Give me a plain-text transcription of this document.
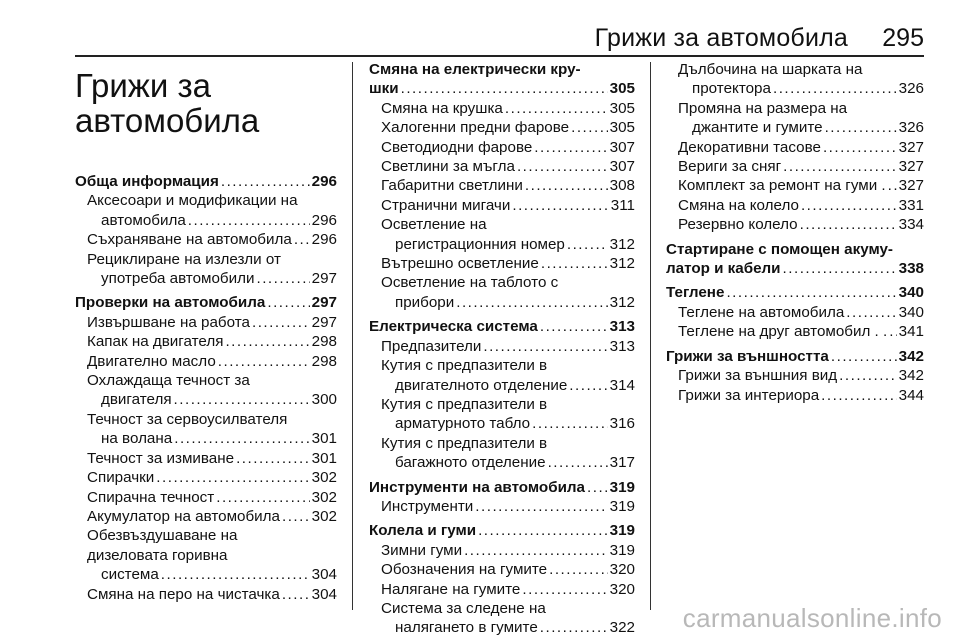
Грижи за автомобила 295
Грижи за
автомобила
Обща информация .....	296
Аксесоари и модификации на
автомобила .....	296
Съхраняване на автомобила ..... 296
Рециклиране на излезли от
употреба автомобили .....	297
Проверки на автомобила .....	297
Извършване на работа .....	297
Капак на двигателя .....	298
Двигателно масло .....	298
Охлаждаща течност за
двигателя .....	300
Течност за сервоусилвателя
на волана .....	301
Течност за измиване .....	301
Спирачки .....	302
Спирачна течност .....	302
Акумулатор на автомобила ..... 302
Обезвъздушаване на
дизеловата горивна
система .....	304
Смяна на перо на чистачка ..... 304
Смяна на електрически кру-
шки .....	305
Смяна на крушка .....	305
Халогенни предни фарове .....	305
Светодиодни фарове .....	307
Светлини за мъгла .....	307
Габаритни светлини .....	308
Странични мигачи .....	311
Осветление на
регистрационния номер .....	312
Вътрешно осветление .....	312
Осветление на таблото с
прибори .....	312
Електрическа система .....	313
Предпазители .....	313
Кутия с предпазители в
двигателното отделение .....	314
Кутия с предпазители в
арматурното табло .....	316
Кутия с предпазители в
багажното отделение .....	317
Инструменти на автомобила ..... 319
Инструменти .....	319
Колела и гуми .....	319
Зимни гуми .....	319
Обозначения на гумите .....	320
Налягане на гумите .....	320
Система за следене на
налягането в гумите .....	322
Дълбочина на шарката на
протектора .....	326
Промяна на размера на
джантите и гумите .....	326
Декоративни тасове .....	327
Вериги за сняг .....	327
Комплект за ремонт на гуми . ..... 327
Смяна на колело .....	331
Резервно колело .....	334
Стартиране с помощен акуму-
латор и кабели .....	338
Теглене .....	340
Теглене на автомобила .....	340
Теглене на друг автомобил . . ..... 341
Грижи за външността .....	342
Грижи за външния вид .....	342
Грижи за интериора .....	344
carmanualsonline.info
